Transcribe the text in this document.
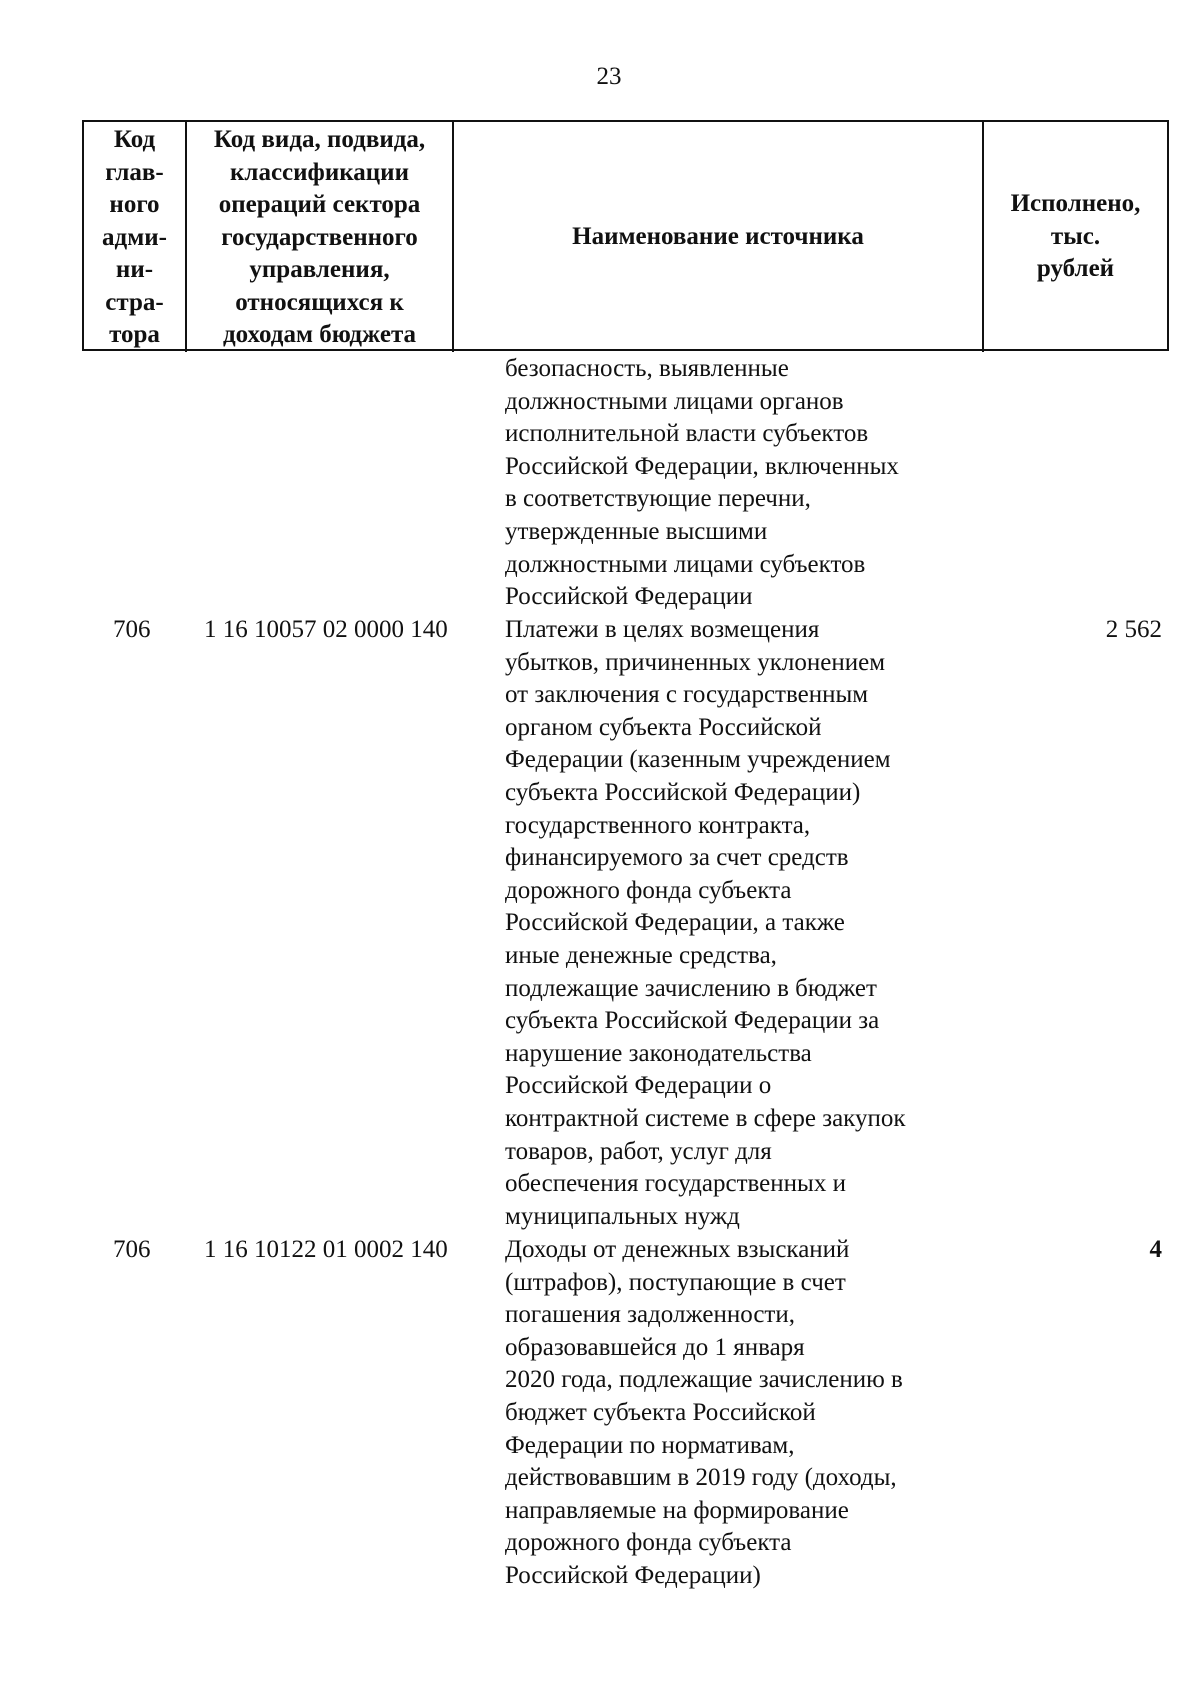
23
Код
глав-
ного
адми-
ни-
стра-
тора
Код вида, подвида,
классификации
операций сектора
государственного
управления,
относящихся к
доходам бюджета
Наименование источника
Исполнено,
тыс.
рублей
безопасность, выявленные
должностными лицами органов
исполнительной власти субъектов
Российской Федерации, включенных
в соответствующие перечни,
утвержденные высшими
должностными лицами субъектов
Российской Федерации
706 1 16 10057 02 0000 140 Платежи в целях возмещения
убытков, причиненных уклонением
от заключения с государственным
органом субъекта Российской
Федерации (казенным учреждением
субъекта Российской Федерации)
государственного контракта,
финансируемого за счет средств
дорожного фонда субъекта
Российской Федерации, а также
иные денежные средства,
подлежащие зачислению в бюджет
субъекта Российской Федерации за
нарушение законодательства
Российской Федерации о
контрактной системе в сфере закупок
товаров, работ, услуг для
обеспечения государственных и
муниципальных нужд
2 562
706 1 16 10122 01 0002 140 Доходы от денежных взысканий
(штрафов), поступающие в счет
погашения задолженности,
образовавшейся до 1 января
2020 года, подлежащие зачислению в
бюджет субъекта Российской
Федерации по нормативам,
действовавшим в 2019 году (доходы,
направляемые на формирование
дорожного фонда субъекта
Российской Федерации)
4
